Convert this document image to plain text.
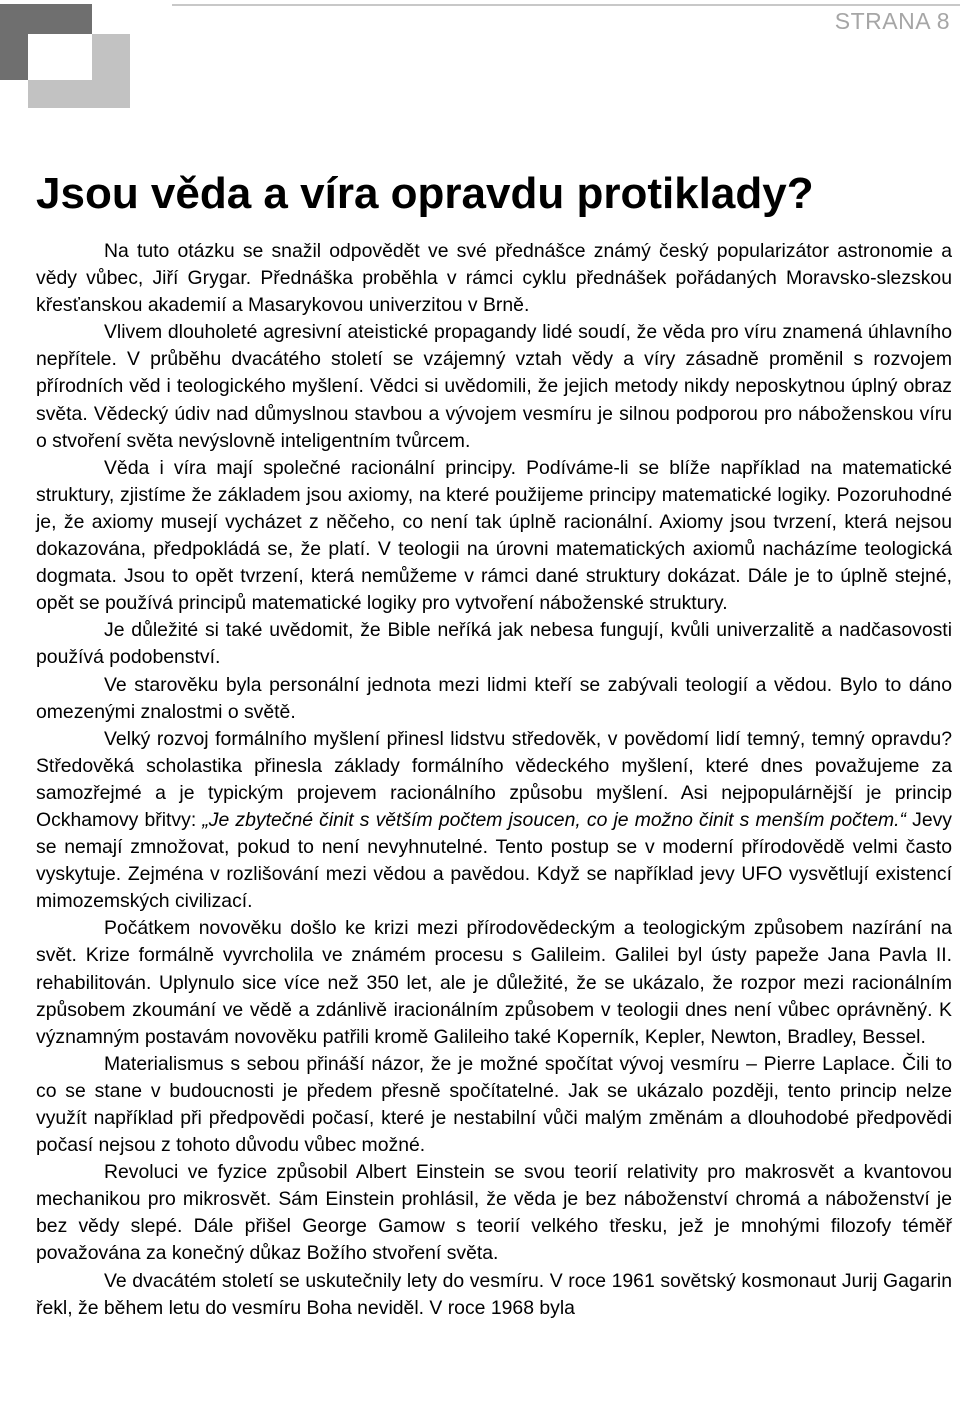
STRANA 8
Jsou věda a víra opravdu protiklady?

Na tuto otázku se snažil odpovědět ve své přednášce známý český popularizátor astronomie a vědy vůbec, Jiří Grygar. Přednáška proběhla v rámci cyklu přednášek pořádaných Moravsko-slezskou křesťanskou akademií a Masarykovou univerzitou v Brně.

Vlivem dlouholeté agresivní ateistické propagandy lidé soudí, že věda pro víru znamená úhlavního nepřítele. V průběhu dvacátého století se vzájemný vztah vědy a víry zásadně proměnil s rozvojem přírodních věd i teologického myšlení. Vědci si uvědomili, že jejich metody nikdy neposkytnou úplný obraz světa. Vědecký údiv nad důmyslnou stavbou a vývojem vesmíru je silnou podporou pro náboženskou víru o stvoření světa nevýslovně inteligentním tvůrcem.

Věda i víra mají společné racionální principy. Podíváme-li se blíže například na matematické struktury, zjistíme že základem jsou axiomy, na které použijeme principy matematické logiky. Pozoruhodné je, že axiomy musejí vycházet z něčeho, co není tak úplně racionální. Axiomy jsou tvrzení, která nejsou dokazována, předpokládá se, že platí. V teologii na úrovni matematických axiomů nacházíme teologická dogmata. Jsou to opět tvrzení, která nemůžeme v rámci dané struktury dokázat. Dále je to úplně stejné, opět se používá principů matematické logiky pro vytvoření náboženské struktury.

Je důležité si také uvědomit, že Bible neříká jak nebesa fungují, kvůli univerzalitě a nadčasovosti používá podobenství.

Ve starověku byla personální jednota mezi lidmi kteří se zabývali teologií a vědou. Bylo to dáno omezenými znalostmi o světě.

Velký rozvoj formálního myšlení přinesl lidstvu středověk, v povědomí lidí temný, temný opravdu? Středověká scholastika přinesla základy formálního vědeckého myšlení, které dnes považujeme za samozřejmé a je typickým projevem racionálního způsobu myšlení. Asi nejpopulárnější je princip Ockhamovy břitvy: „Je zbytečné činit s větším počtem jsoucen, co je možno činit s menším počtem.“ Jevy se nemají zmnožovat, pokud to není nevyhnutelné. Tento postup se v moderní přírodovědě velmi často vyskytuje. Zejména v rozlišování mezi vědou a pavědou. Když se například jevy UFO vysvětlují existencí mimozemských civilizací.

Počátkem novověku došlo ke krizi mezi přírodovědeckým a teologickým způsobem nazírání na svět. Krize formálně vyvrcholila ve známém procesu s Galileim. Galilei byl ústy papeže Jana Pavla II. rehabilitován. Uplynulo sice více než 350 let, ale je důležité, že se ukázalo, že rozpor mezi racionálním způsobem zkoumání ve vědě a zdánlivě iracionálním způsobem v teologii dnes není vůbec oprávněný. K významným postavám novověku patřili kromě Galileiho také Koperník, Kepler, Newton, Bradley, Bessel.

Materialismus s sebou přináší názor, že je možné spočítat vývoj vesmíru – Pierre Laplace. Čili to co se stane v budoucnosti je předem přesně spočítatelné. Jak se ukázalo později, tento princip nelze využít například při předpovědi počasí, které je nestabilní vůči malým změnám a dlouhodobé předpovědi počasí nejsou z tohoto důvodu vůbec možné.

Revoluci ve fyzice způsobil Albert Einstein se svou teorií relativity pro makrosvět a kvantovou mechanikou pro mikrosvět. Sám Einstein prohlásil, že věda je bez náboženství chromá a náboženství je bez vědy slepé. Dále přišel George Gamow s teorií velkého třesku, jež je mnohými filozofy téměř považována za konečný důkaz Božího stvoření světa.

Ve dvacátém století se uskutečnily lety do vesmíru. V roce 1961 sovětský kosmonaut Jurij Gagarin řekl, že během letu do vesmíru Boha neviděl. V roce 1968 byla
